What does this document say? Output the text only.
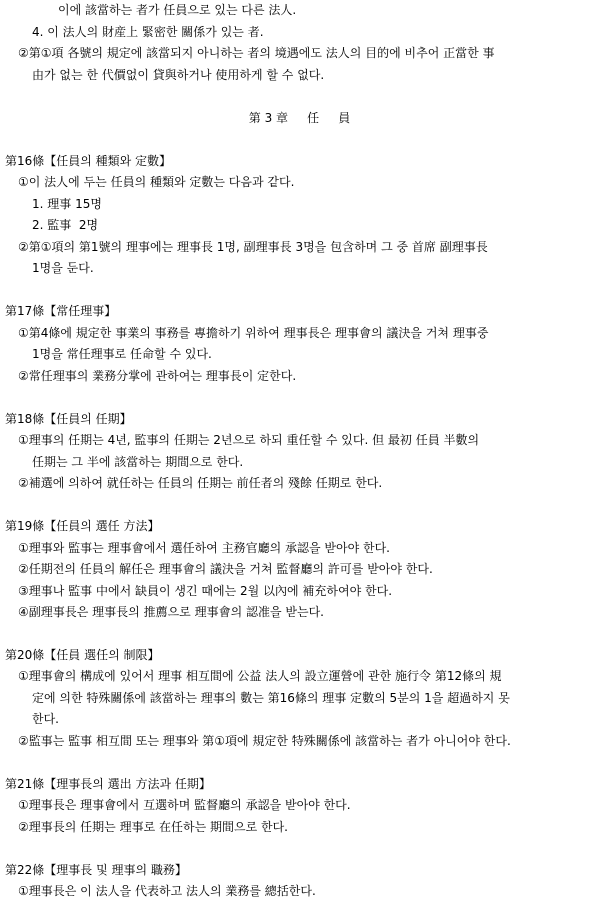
이에 該當하는 者가 任員으로 있는 다른 法人.
4. 이 法人의 財産上 緊密한 關係가 있는 者.
②第①項 各號의 規定에 該當되지 아니하는 者의 境遇에도 法人의 目的에 비추어 正當한 事
由가 없는 한 代價없이 貸與하거나 使用하게 할 수 없다.
第 3 章     任     員
第16條【任員의 種類와 定數】
①이 法人에 두는 任員의 種類와 定數는 다음과 같다.
1. 理事 15명
2. 監事  2명
②第①項의 第1號의 理事에는 理事長 1명, 副理事長 3명을 包含하며 그 중 首席 副理事長
1명을 둔다.
第17條【常任理事】
①第4條에 規定한 事業의 事務를 專擔하기 위하여 理事長은 理事會의 議決을 거쳐 理事중
1명을 常任理事로 任命할 수 있다.
②常任理事의 業務分掌에 관하여는 理事長이 定한다.
第18條【任員의 任期】
①理事의 任期는 4년, 監事의 任期는 2년으로 하되 重任할 수 있다. 但 最初 任員 半數의
任期는 그 半에 該當하는 期間으로 한다.
②補選에 의하여 就任하는 任員의 任期는 前任者의 殘餘 任期로 한다.
第19條【任員의 選任 方法】
①理事와 監事는 理事會에서 選任하여 主務官廳의 承認을 받아야 한다.
②任期전의 任員의 解任은 理事會의 議決을 거쳐 監督廳의 許可를 받아야 한다.
③理事나 監事 中에서 缺員이 생긴 때에는 2월 以內에 補充하여야 한다.
④副理事長은 理事長의 推薦으로 理事會의 認准을 받는다.
第20條【任員 選任의 制限】
①理事會의 構成에 있어서 理事 相互間에 公益 法人의 設立運營에 관한 施行令 第12條의 規
定에 의한 特殊關係에 該當하는 理事의 數는 第16條의 理事 定數의 5분의 1을 超過하지 못
한다.
②監事는 監事 相互間 또는 理事와 第①項에 規定한 特殊關係에 該當하는 者가 아니어야 한다.
第21條【理事長의 選出 方法과 任期】
①理事長은 理事會에서 互選하며 監督廳의 承認을 받아야 한다.
②理事長의 任期는 理事로 在任하는 期間으로 한다.
第22條【理事長 및 理事의 職務】
①理事長은 이 法人을 代表하고 法人의 業務를 總括한다.
